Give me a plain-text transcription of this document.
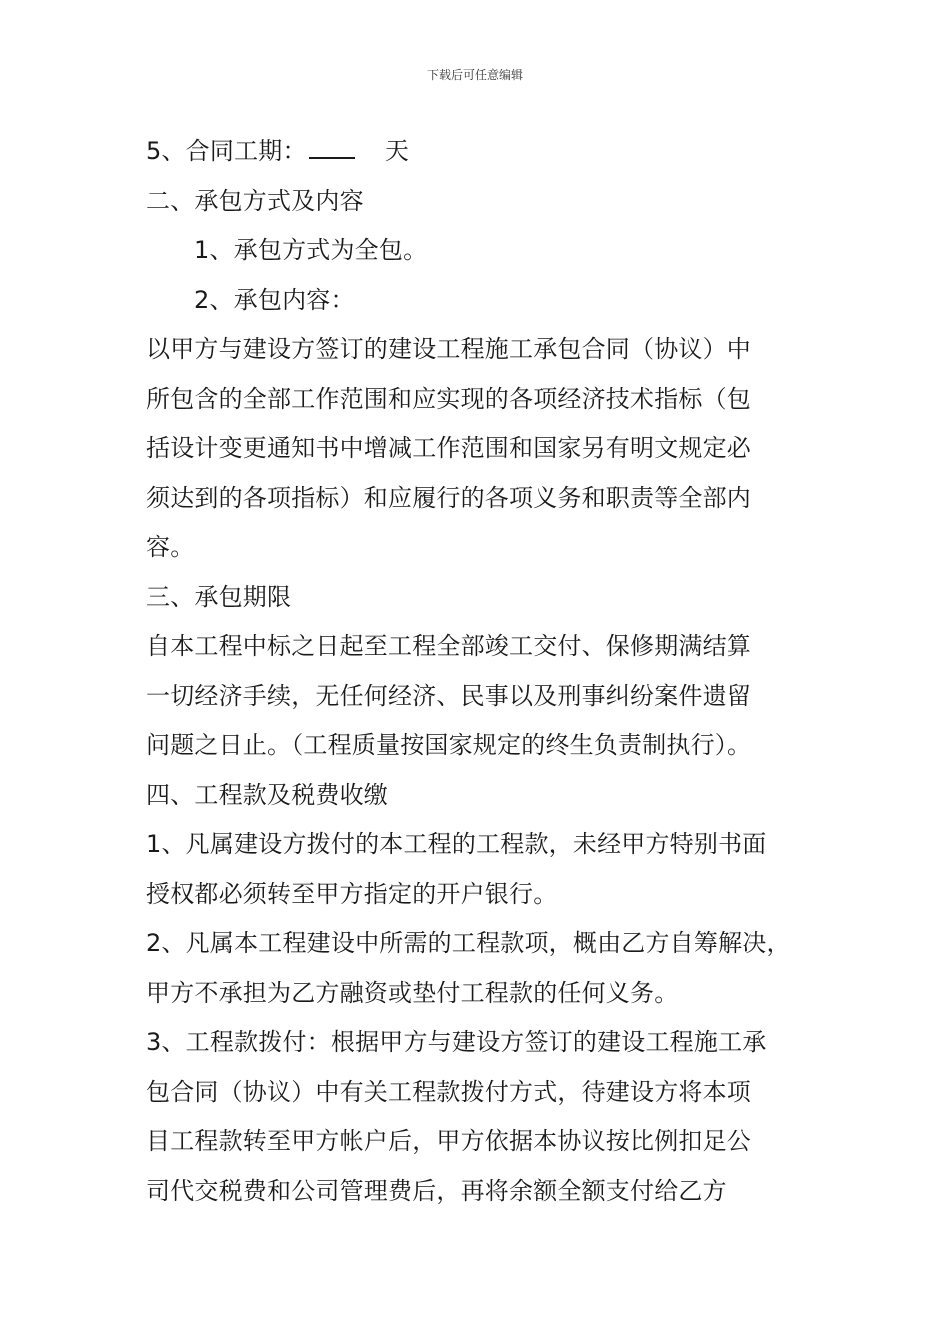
下载后可任意编辑
5、合同工期：　天
二、承包方式及内容
1、承包方式为全包。
2、承包内容：
以甲方与建设方签订的建设工程施工承包合同（协议）中
所包含的全部工作范围和应实现的各项经济技术指标（包
括设计变更通知书中增减工作范围和国家另有明文规定必
须达到的各项指标）和应履行的各项义务和职责等全部内
容。
三、承包期限
自本工程中标之日起至工程全部竣工交付、保修期满结算
一切经济手续，无任何经济、民事以及刑事纠纷案件遗留
问题之日止。（工程质量按国家规定的终生负责制执行）。
四、工程款及税费收缴
1、凡属建设方拨付的本工程的工程款，未经甲方特别书面
授权都必须转至甲方指定的开户银行。
2、凡属本工程建设中所需的工程款项，概由乙方自筹解决，
甲方不承担为乙方融资或垫付工程款的任何义务。
3、工程款拨付：根据甲方与建设方签订的建设工程施工承
包合同（协议）中有关工程款拨付方式，待建设方将本项
目工程款转至甲方帐户后，甲方依据本协议按比例扣足公
司代交税费和公司管理费后，再将余额全额支付给乙方
